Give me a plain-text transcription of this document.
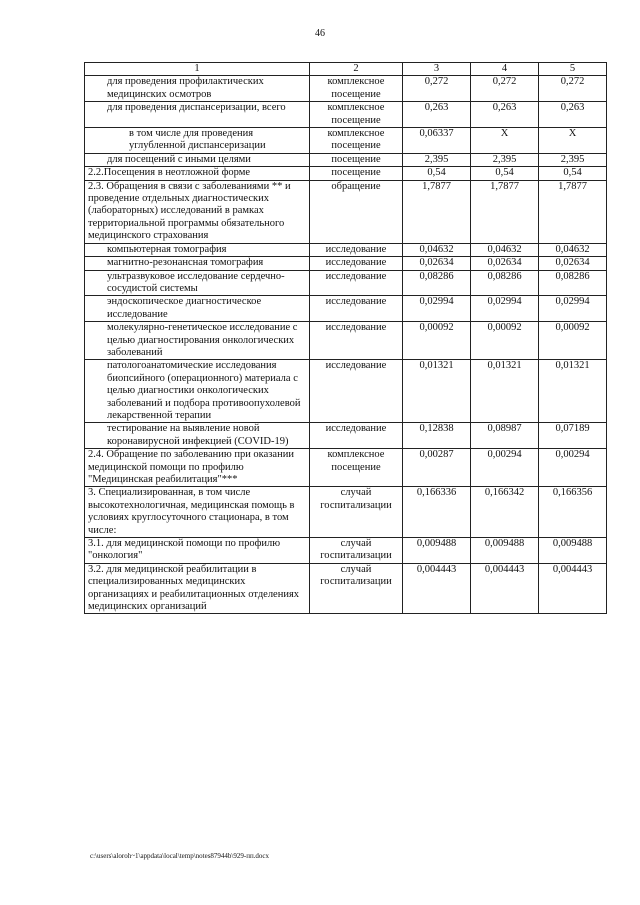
46
1	2	3	4	5
для проведения профилактических медицинских осмотров	комплексное посещение	0,272	0,272	0,272
для проведения диспансеризации, всего	комплексное посещение	0,263	0,263	0,263
в том числе для проведения углубленной диспансеризации	комплексное посещение	0,06337	Х	Х
для посещений с иными целями	посещение	2,395	2,395	2,395
2.2.Посещения в неотложной форме	посещение	0,54	0,54	0,54
2.3. Обращения в связи с заболеваниями ** и проведение отдельных диагностических (лабораторных) исследований в рамках территориальной программы обязательного медицинского страхования	обращение	1,7877	1,7877	1,7877
компьютерная томография	исследование	0,04632	0,04632	0,04632
магнитно-резонансная томография	исследование	0,02634	0,02634	0,02634
ультразвуковое исследование сердечно-сосудистой системы	исследование	0,08286	0,08286	0,08286
эндоскопическое диагностическое исследование	исследование	0,02994	0,02994	0,02994
молекулярно-генетическое исследование с целью диагностирования онкологических заболеваний	исследование	0,00092	0,00092	0,00092
патологоанатомические исследования биопсийного (операционного) материала с целью диагностики онкологических заболеваний и подбора противоопухолевой лекарственной терапии	исследование	0,01321	0,01321	0,01321
тестирование на выявление новой коронавирусной инфекцией (COVID-19)	исследование	0,12838	0,08987	0,07189
2.4. Обращение по заболеванию при оказании медицинской помощи по профилю "Медицинская реабилитация"***	комплексное посещение	0,00287	0,00294	0,00294
3. Специализированная, в том числе высокотехнологичная, медицинская помощь в условиях круглосуточного стационара, в том числе:	случай госпитализации	0,166336	0,166342	0,166356
3.1. для медицинской помощи по профилю "онкология"	случай госпитализации	0,009488	0,009488	0,009488
3.2. для медицинской реабилитации в специализированных медицинских организациях и реабилитационных отделениях медицинских организаций	случай госпитализации	0,004443	0,004443	0,004443
c:\users\aloroh~1\appdata\local\temp\notes87944b\929-пп.docx
